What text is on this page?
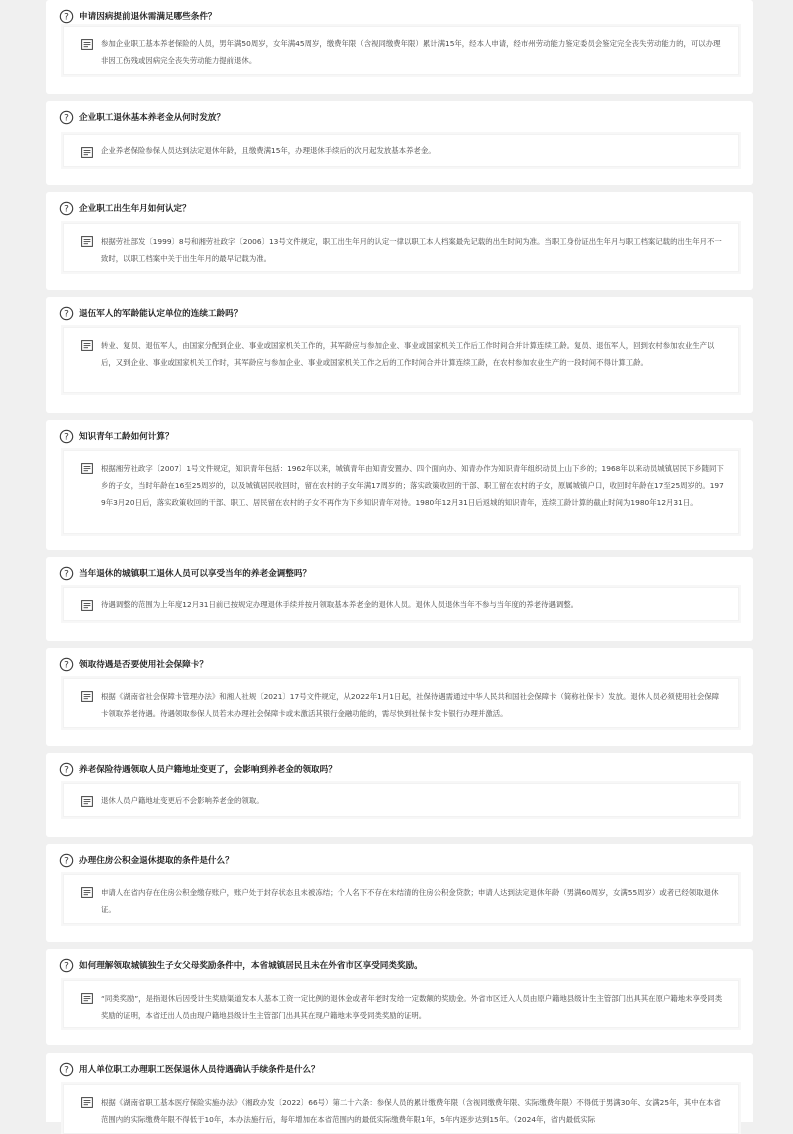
? 申请因病提前退休需满足哪些条件？
参加企业职工基本养老保险的人员，男年满50周岁，女年满45周岁，缴费年限（含视同缴费年限）累计满15年，经本人申请，经市州劳动能力鉴定委员会鉴定完全丧失劳动能力的，可以办理非因工伤残或因病完全丧失劳动能力提前退休。
? 企业职工退休基本养老金从何时发放？
企业养老保险参保人员达到法定退休年龄，且缴费满15年，办理退休手续后的次月起发放基本养老金。
? 企业职工出生年月如何认定？
根据劳社部发〔1999〕8号和湘劳社政字〔2006〕13号文件规定，职工出生年月的认定一律以职工本人档案最先记载的出生时间为准。当职工身份证出生年月与职工档案记载的出生年月不一致时，以职工档案中关于出生年月的最早记载为准。
? 退伍军人的军龄能认定单位的连续工龄吗？
转业、复员、退伍军人，由国家分配到企业、事业或国家机关工作的，其军龄应与参加企业、事业或国家机关工作后工作时间合并计算连续工龄。复员、退伍军人，回到农村参加农业生产以后，又到企业、事业或国家机关工作时，其军龄应与参加企业、事业或国家机关工作之后的工作时间合并计算连续工龄，在农村参加农业生产的一段时间不得计算工龄。
? 知识青年工龄如何计算？
根据湘劳社政字〔2007〕1号文件规定，知识青年包括：1962年以来，城镇青年由知青安置办、四个面向办、知青办作为知识青年组织动员上山下乡的；1968年以来动员城镇居民下乡随同下乡的子女，当时年龄在16至25周岁的，以及城镇居民收回时，留在农村的子女年满17周岁的；落实政策收回的干部、职工留在农村的子女，原属城镇户口，收回时年龄在17至25周岁的。1979年3月20日后，落实政策收回的干部、职工、居民留在农村的子女不再作为下乡知识青年对待。1980年12月31日后返城的知识青年，连续工龄计算的截止时间为1980年12月31日。
? 当年退休的城镇职工退休人员可以享受当年的养老金调整吗？
待遇调整的范围为上年度12月31日前已按规定办理退休手续并按月领取基本养老金的退休人员。退休人员退休当年不参与当年度的养老待遇调整。
? 领取待遇是否要使用社会保障卡？
根据《湖南省社会保障卡管理办法》和湘人社规〔2021〕17号文件规定，从2022年1月1日起，社保待遇需通过中华人民共和国社会保障卡（简称社保卡）发放。退休人员必须使用社会保障卡领取养老待遇。待遇领取参保人员若未办理社会保障卡或未激活其银行金融功能的，需尽快到社保卡发卡银行办理并激活。
? 养老保险待遇领取人员户籍地址变更了，会影响到养老金的领取吗？
退休人员户籍地址变更后不会影响养老金的领取。
? 办理住房公积金退休提取的条件是什么？
申请人在省内存在住房公积金缴存账户，账户处于封存状态且未被冻结；个人名下不存在未结清的住房公积金贷款；申请人达到法定退休年龄（男满60周岁，女满55周岁）或者已经领取退休证。
? 如何理解领取城镇独生子女父母奖励条件中，本省城镇居民且未在外省市区享受同类奖励。
“同类奖励”，是指退休后因受计生奖励渠道发本人基本工资一定比例的退休金或者年老时发给一定数额的奖励金。外省市区迁入人员由原户籍地县级计生主管部门出具其在原户籍地未享受同类奖励的证明，本省迁出人员由现户籍地县级计生主管部门出具其在现户籍地未享受同类奖励的证明。
? 用人单位职工办理职工医保退休人员待遇确认手续条件是什么？
根据《湖南省职工基本医疗保险实施办法》（湘政办发〔2022〕66号）第二十六条：参保人员的累计缴费年限（含视同缴费年限、实际缴费年限）不得低于男满30年、女满25年，其中在本省范围内的实际缴费年限不得低于10年，本办法施行后，每年增加在本省范围内的最低实际缴费年限1年，5年内逐步达到15年。（2024年，省内最低实际
